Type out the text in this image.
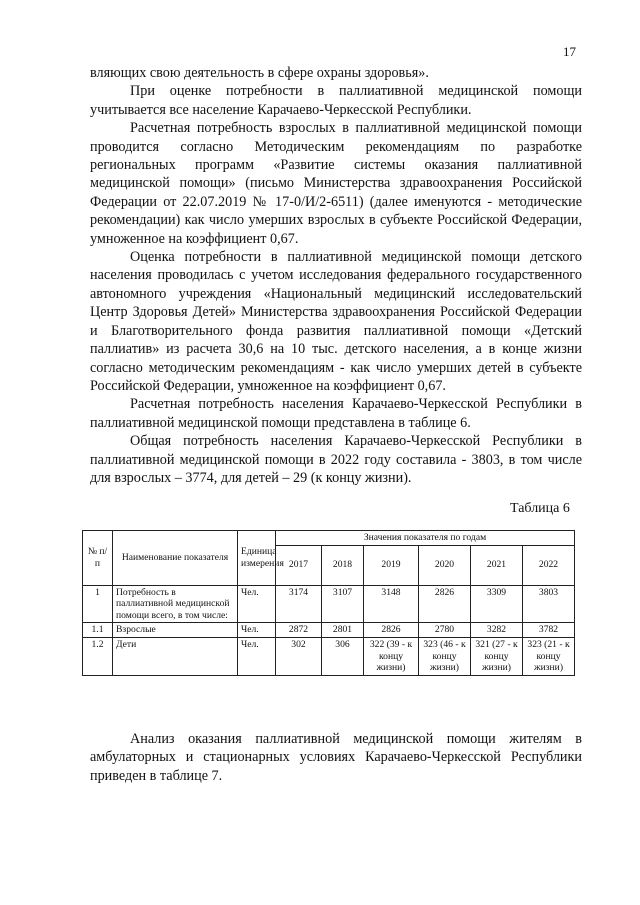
17

вляющих свою деятельность в сфере охраны здоровья».

При оценке потребности в паллиативной медицинской помощи учитывается все население Карачаево-Черкесской Республики.

Расчетная потребность взрослых в паллиативной медицинской помощи проводится согласно Методическим рекомендациям по разработке региональных программ «Развитие системы оказания паллиативной медицинской помощи» (письмо Министерства здравоохранения Российской Федерации от 22.07.2019 № 17-0/И/2-6511) (далее именуются - методические рекомендации) как число умерших взрослых в субъекте Российской Федерации, умноженное на коэффициент 0,67.

Оценка потребности в паллиативной медицинской помощи детского населения проводилась с учетом исследования федерального государственного автономного учреждения «Национальный медицинский исследовательский Центр Здоровья Детей» Министерства здравоохранения Российской Федерации и Благотворительного фонда развития паллиативной помощи «Детский паллиатив» из расчета 30,6 на 10 тыс. детского населения, а в конце жизни согласно методическим рекомендациям - как число умерших детей в субъекте Российской Федерации, умноженное на коэффициент 0,67.

Расчетная потребность населения Карачаево-Черкесской Республики в паллиативной медицинской помощи представлена в таблице 6.

Общая потребность населения Карачаево-Черкесской Республики в паллиативной медицинской помощи в 2022 году составила - 3803, в том числе для взрослых – 3774, для детей – 29 (к концу жизни).

Таблица 6
№ п/п	Наименование показателя	Единица измерения	Значения показателя по годам					
			2017	2018	2019	2020	2021	2022
1	Потребность в паллиативной медицинской помощи всего, в том числе:	Чел.	3174	3107	3148	2826	3309	3803
1.1	Взрослые	Чел.	2872	2801	2826	2780	3282	3782
1.2	Дети	Чел.	302	306	322 (39 - к концу жизни)	323 (46 - к концу жизни)	321 (27 - к концу жизни)	323 (21 - к концу жизни)
Анализ оказания паллиативной медицинской помощи жителям в амбулаторных и стационарных условиях Карачаево-Черкесской Республики приведен в таблице 7.
